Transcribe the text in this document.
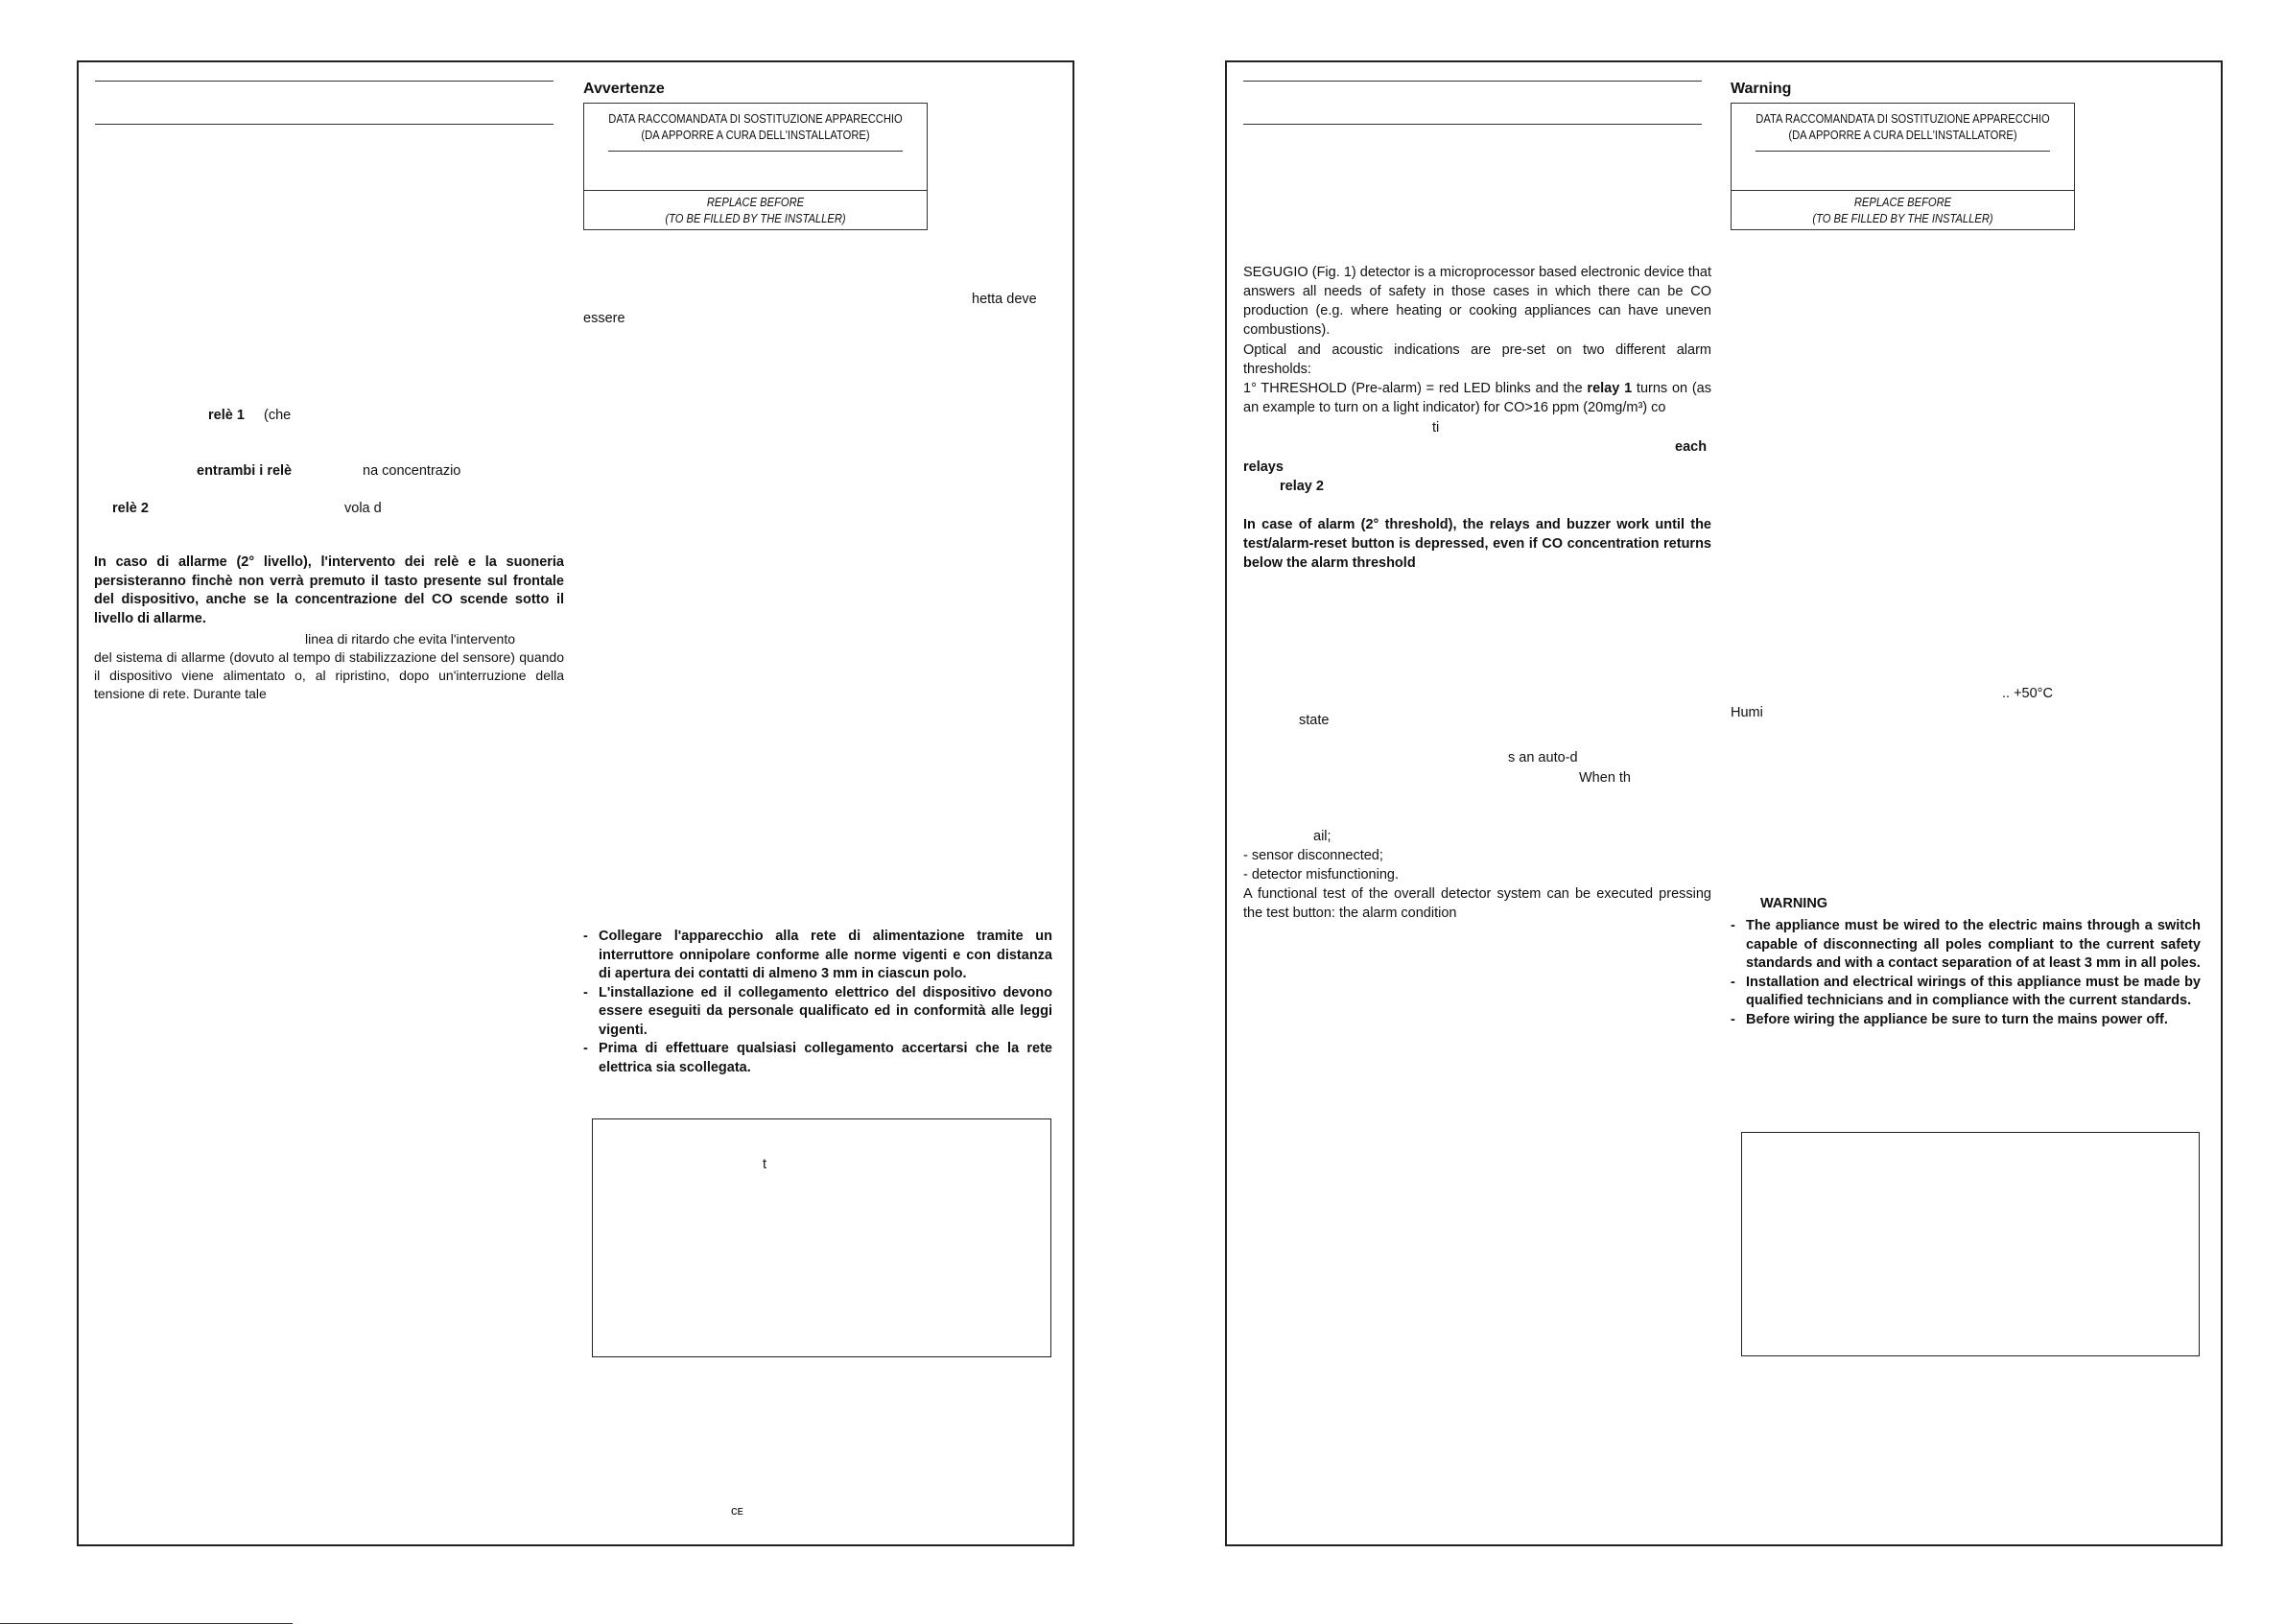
Avvertenze
DATA RACCOMANDATA DI SOSTITUZIONE APPARECCHIO
(DA APPORRE A CURA DELL'INSTALLATORE)
REPLACE BEFORE
(TO BE FILLED BY THE INSTALLER)
hetta deve
essere
relè 1 (che
entrambi i relè	na concentrazio
relè 2	vola d
In caso di allarme (2° livello), l'intervento dei relè e la suoneria persisteranno finchè non verrà premuto il tasto presente sul frontale del dispositivo, anche se la concentrazione del CO scende sotto il livello di allarme.
linea di ritardo che evita l'intervento
del sistema di allarme (dovuto al tempo di stabilizzazione del sensore) quando il dispositivo viene alimentato o, al ripristino, dopo un'interruzione della tensione di rete. Durante tale
- Collegare l'apparecchio alla rete di alimentazione tramite un interruttore onnipolare conforme alle norme vigenti e con distanza di apertura dei contatti di almeno 3 mm in ciascun polo.
- L'installazione ed il collegamento elettrico del dispositivo devono essere eseguiti da personale qualificato ed in conformità alle leggi vigenti.
- Prima di effettuare qualsiasi collegamento accertarsi che la rete elettrica sia scollegata.
t
ᴄᴇ
Warning
DATA RACCOMANDATA DI SOSTITUZIONE APPARECCHIO
(DA APPORRE A CURA DELL'INSTALLATORE)
REPLACE BEFORE
(TO BE FILLED BY THE INSTALLER)
SEGUGIO (Fig. 1) detector is a microprocessor based electronic device that answers all needs of safety in those cases in which there can be CO production (e.g. where heating or cooking appliances can have uneven combustions).
Optical and acoustic indications are pre-set on two different alarm thresholds:
1° THRESHOLD (Pre-alarm) = red LED blinks and the relay 1 turns on (as an example to turn on a light indicator) for CO>16 ppm (20mg/m³) co
ti
each
relays
relay 2
In case of alarm (2° threshold), the relays and buzzer work until the test/alarm-reset button is depressed, even if CO concentration returns below the alarm threshold
.. +50°C
Humi
state
s an auto-d
When th
ail;
- sensor disconnected;
- detector misfunctioning.
A functional test of the overall detector system can be executed pressing the test button: the alarm condition
WARNING
- The appliance must be wired to the electric mains through a switch capable of disconnecting all poles compliant to the current safety standards and with a contact separation of at least 3 mm in all poles.
- Installation and electrical wirings of this appliance must be made by qualified technicians and in compliance with the current standards.
- Before wiring the appliance be sure to turn the mains power off.
